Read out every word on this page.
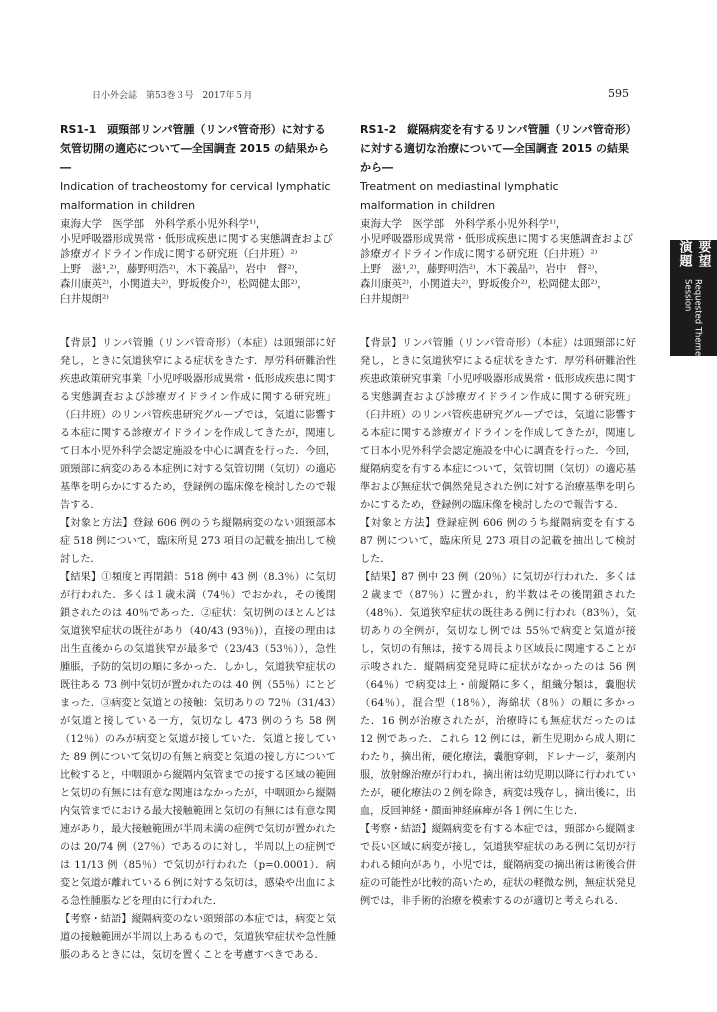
日小外会誌　第53巻３号　2017年５月	595
要望演題
Requested Theme Session

RS1-1　頭頸部リンパ管腫（リンパ管奇形）に対する気管切開の適応について―全国調査 2015 の結果から―

Indication of tracheostomy for cervical lymphatic malformation in children

東海大学　医学部　外科学系小児外科学¹⁾，
小児呼吸器形成異常・低形成疾患に関する実態調査および診療ガイドライン作成に関する研究班（臼井班）²⁾
上野　滋¹,²⁾，藤野明浩²⁾，木下義晶²⁾，岩中　督²⁾，
森川康英²⁾，小関道夫²⁾，野坂俊介²⁾，松岡健太郎²⁾，
臼井規朗²⁾

【背景】リンパ管腫（リンパ管奇形）（本症）は頭頸部に好発し，ときに気道狭窄による症状をきたす．厚労科研難治性疾患政策研究事業「小児呼吸器形成異常・低形成疾患に関する実態調査および診療ガイドライン作成に関する研究班」（臼井班）のリンパ管疾患研究グループでは，気道に影響する本症に関する診療ガイドラインを作成してきたが，関連して日本小児外科学会認定施設を中心に調査を行った．今回，頭頸部に病変のある本症例に対する気管切開（気切）の適応基準を明らかにするため，登録例の臨床像を検討したので報告する．

【対象と方法】登録 606 例のうち縦隔病変のない頭頸部本症 518 例について，臨床所見 273 項目の記載を抽出して検討した．

【結果】①頻度と再閉鎖：518 例中 43 例（8.3％）に気切が行われた．多くは１歳未満（74％）でおかれ，その後閉鎖されたのは 40％であった．②症状：気切例のほとんどは気道狭窄症状の既往があり（40/43 (93％)），直接の理由は出生直後からの気道狭窄が最多で（23/43（53％）），急性腫脹，予防的気切の順に多かった．しかし，気道狭窄症状の既往ある 73 例中気切が置かれたのは 40 例（55％）にとどまった．③病変と気道との接触：気切ありの 72％（31/43）が気道と接している一方，気切なし 473 例のうち 58 例（12％）のみが病変と気道が接していた．気道と接していた 89 例について気切の有無と病変と気道の接し方について比較すると，中咽頭から縦隔内気管までの接する区域の範囲と気切の有無には有意な関連はなかったが，中咽頭から縦隔内気管までにおける最大接触範囲と気切の有無には有意な関連があり，最大接触範囲が半周未満の症例で気切が置かれたのは 20/74 例（27％）であるのに対し，半周以上の症例では 11/13 例（85％）で気切が行われた（p=0.0001）．病変と気道が離れている６例に対する気切は，感染や出血による急性腫脹などを理由に行われた．

【考察・結語】縦隔病変のない頭頸部の本症では，病変と気道の接触範囲が半周以上あるもので，気道狭窄症状や急性腫脹のあるときには，気切を置くことを考慮すべきである．

RS1-2　縦隔病変を有するリンパ管腫（リンパ管奇形）に対する適切な治療について―全国調査 2015 の結果から―

Treatment on mediastinal lymphatic malformation in children

東海大学　医学部　外科学系小児外科学¹⁾，
小児呼吸器形成異常・低形成疾患に関する実態調査および診療ガイドライン作成に関する研究班（臼井班）²⁾
上野　滋¹,²⁾，藤野明浩²⁾，木下義晶²⁾，岩中　督²⁾，
森川康英²⁾，小関道夫²⁾，野坂俊介²⁾，松岡健太郎²⁾，
臼井規朗²⁾

【背景】リンパ管腫（リンパ管奇形）（本症）は頭頸部に好発し，ときに気道狭窄による症状をきたす．厚労科研難治性疾患政策研究事業「小児呼吸器形成異常・低形成疾患に関する実態調査および診療ガイドライン作成に関する研究班」（臼井班）のリンパ管疾患研究グループでは，気道に影響する本症に関する診療ガイドラインを作成してきたが，関連して日本小児外科学会認定施設を中心に調査を行った．今回，縦隔病変を有する本症について，気管切開（気切）の適応基準および無症状で偶然発見された例に対する治療基準を明らかにするため，登録例の臨床像を検討したので報告する．

【対象と方法】登録症例 606 例のうち縦隔病変を有する 87 例について，臨床所見 273 項目の記載を抽出して検討した．

【結果】87 例中 23 例（20％）に気切が行われた．多くは２歳まで（87％）に置かれ，約半数はその後閉鎖された（48％）．気道狭窄症状の既往ある例に行われ（83％），気切ありの全例が，気切なし例では 55％で病変と気道が接し，気切の有無は，接する周長より区域長に関連することが示唆された．縦隔病変発見時に症状がなかったのは 56 例（64％）で病変は上・前縦隔に多く，組織分類は，嚢胞状（64％），混合型（18％），海綿状（8％）の順に多かった．16 例が治療されたが，治療時にも無症状だったのは 12 例であった．これら 12 例には，新生児期から成人期にわたり，摘出術，硬化療法，嚢胞穿刺，ドレナージ，薬剤内服，放射線治療が行われ，摘出術は幼児期以降に行われていたが，硬化療法の２例を除き，病変は残存し，摘出後に，出血，反回神経・顔面神経麻痺が各１例に生じた．

【考察・結語】縦隔病変を有する本症では，頸部から縦隔まで長い区域に病変が接し，気道狭窄症状のある例に気切が行われる傾向があり，小児では，縦隔病変の摘出術は術後合併症の可能性が比較的高いため，症状の軽微な例，無症状発見例では，非手術的治療を模索するのが適切と考えられる．
